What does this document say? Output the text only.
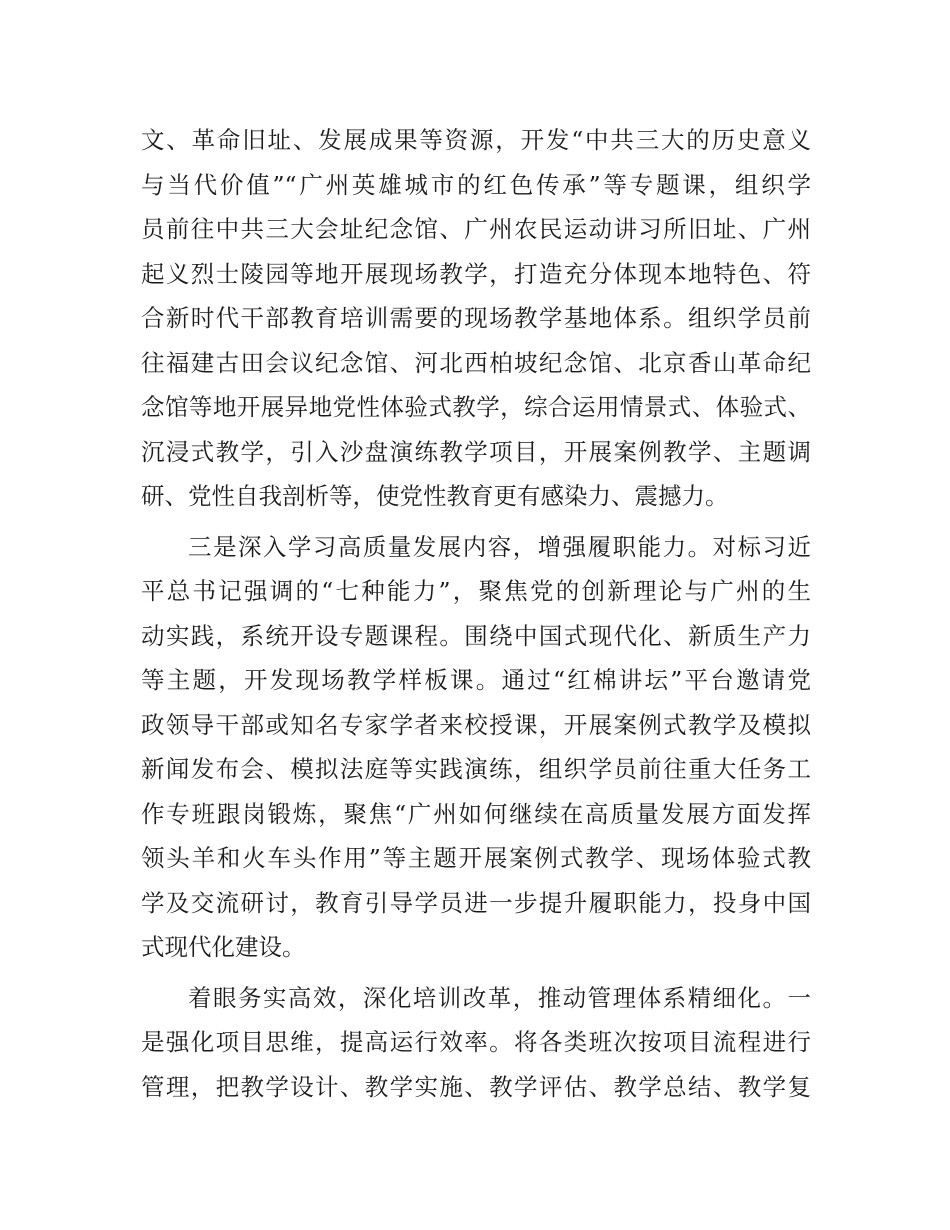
文、革命旧址、发展成果等资源，开发“中共三大的历史意义
与当代价值”“广州英雄城市的红色传承”等专题课，组织学
员前往中共三大会址纪念馆、广州农民运动讲习所旧址、广州
起义烈士陵园等地开展现场教学，打造充分体现本地特色、符
合新时代干部教育培训需要的现场教学基地体系。组织学员前
往福建古田会议纪念馆、河北西柏坡纪念馆、北京香山革命纪
念馆等地开展异地党性体验式教学，综合运用情景式、体验式、
沉浸式教学，引入沙盘演练教学项目，开展案例教学、主题调
研、党性自我剖析等，使党性教育更有感染力、震撼力。
三是深入学习高质量发展内容，增强履职能力。对标习近
平总书记强调的“七种能力”，聚焦党的创新理论与广州的生
动实践，系统开设专题课程。围绕中国式现代化、新质生产力
等主题，开发现场教学样板课。通过“红棉讲坛”平台邀请党
政领导干部或知名专家学者来校授课，开展案例式教学及模拟
新闻发布会、模拟法庭等实践演练，组织学员前往重大任务工
作专班跟岗锻炼，聚焦“广州如何继续在高质量发展方面发挥
领头羊和火车头作用”等主题开展案例式教学、现场体验式教
学及交流研讨，教育引导学员进一步提升履职能力，投身中国
式现代化建设。
着眼务实高效，深化培训改革，推动管理体系精细化。一
是强化项目思维，提高运行效率。将各类班次按项目流程进行
管理，把教学设计、教学实施、教学评估、教学总结、教学复
